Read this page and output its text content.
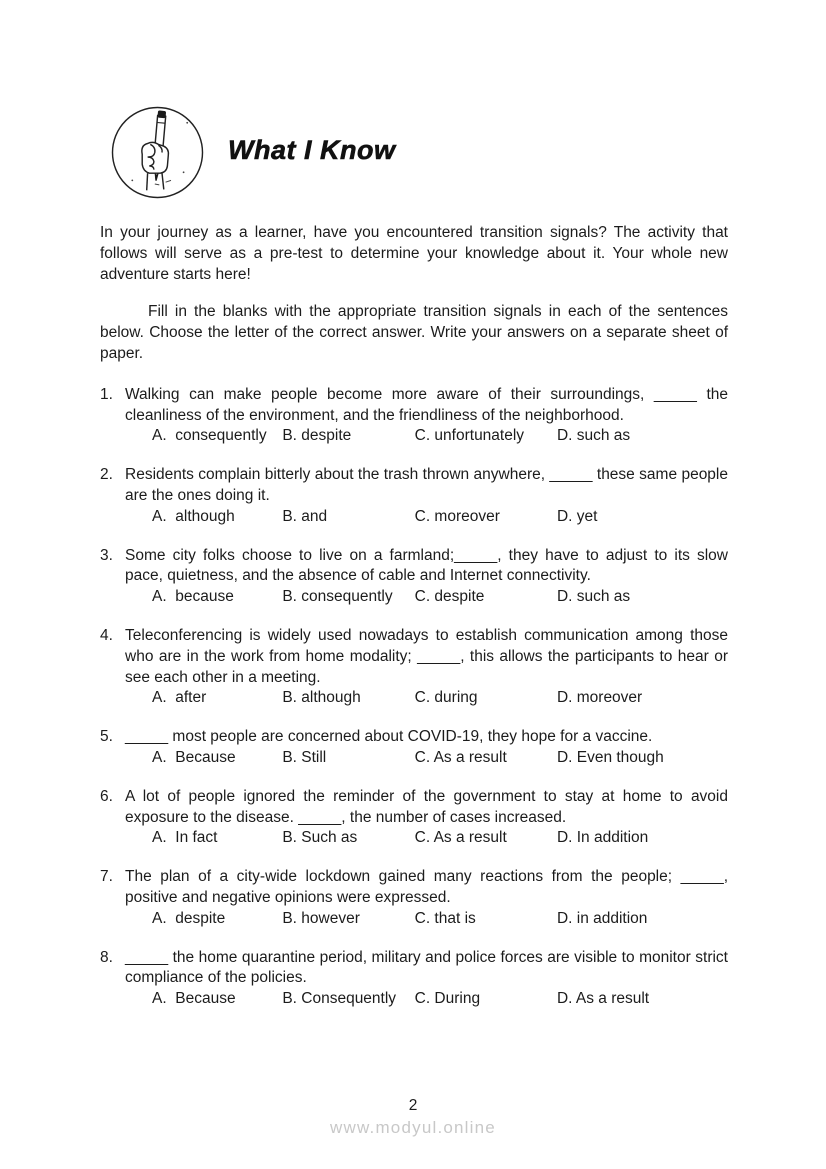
What I Know

In your journey as a learner, have you encountered transition signals? The activity that follows will serve as a pre-test to determine your knowledge about it. Your whole new adventure starts here!

Fill in the blanks with the appropriate transition signals in each of the sentences below. Choose the letter of the correct answer. Write your answers on a separate sheet of paper.

1. Walking can make people become more aware of their surroundings, _____ the cleanliness of the environment, and the friendliness of the neighborhood.
A.  consequently B. despite	C. unfortunately D. such as
2. Residents complain bitterly about the trash thrown anywhere, _____ these same people are the ones doing it.
A.  although	B. and	C. moreover	D. yet
3. Some city folks choose to live on a farmland;_____, they have to adjust to its slow pace, quietness, and the absence of cable and Internet connectivity.
A.  because	B. consequently C. despite	D. such as
4. Teleconferencing is widely used nowadays to establish communication among those who are in the work from home modality; _____, this allows the participants to hear or see each other in a meeting.
A.  after	B. although	C. during	D. moreover
5. _____ most people are concerned about COVID-19, they hope for a vaccine.
A.  Because	B. Still	C. As a result	D. Even though
6. A lot of people ignored the reminder of the government to stay at home to avoid exposure to the disease. _____, the number of cases increased.
A.  In fact	B. Such as	C. As a result	D. In addition
7. The plan of a city-wide lockdown gained many reactions from the people; _____, positive and negative opinions were expressed.
A.  despite	B. however	C. that is	D. in addition
8. _____ the home quarantine period, military and police forces are visible to monitor strict compliance of the policies.
A.  Because	B. Consequently C. During	D. As a result
2
www.modyul.online
